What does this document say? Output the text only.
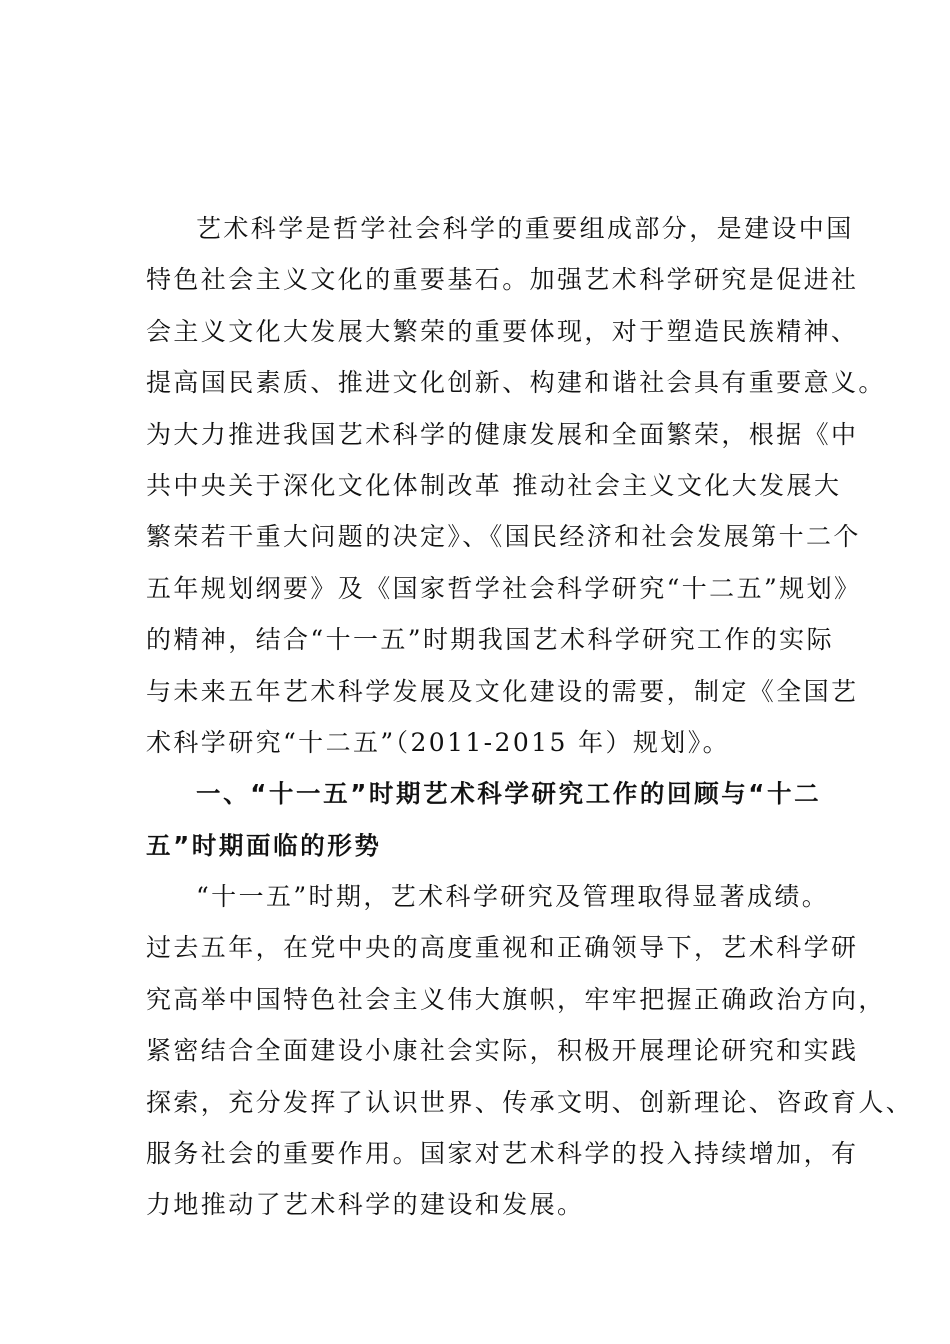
艺术科学是哲学社会科学的重要组成部分，是建设中国
特色社会主义文化的重要基石。加强艺术科学研究是促进社
会主义文化大发展大繁荣的重要体现，对于塑造民族精神、
提高国民素质、推进文化创新、构建和谐社会具有重要意义。
为大力推进我国艺术科学的健康发展和全面繁荣，根据《中
共中央关于深化文化体制改革 推动社会主义文化大发展大
繁荣若干重大问题的决定》、《国民经济和社会发展第十二个
五年规划纲要》及《国家哲学社会科学研究“十二五”规划》
的精神，结合“十一五”时期我国艺术科学研究工作的实际
与未来五年艺术科学发展及文化建设的需要，制定《全国艺
术科学研究“十二五”（2011-2015 年）规划》。
一、“十一五”时期艺术科学研究工作的回顾与“十二
五”时期面临的形势
“十一五”时期，艺术科学研究及管理取得显著成绩。
过去五年，在党中央的高度重视和正确领导下，艺术科学研
究高举中国特色社会主义伟大旗帜，牢牢把握正确政治方向，
紧密结合全面建设小康社会实际，积极开展理论研究和实践
探索，充分发挥了认识世界、传承文明、创新理论、咨政育人、
服务社会的重要作用。国家对艺术科学的投入持续增加，有
力地推动了艺术科学的建设和发展。
